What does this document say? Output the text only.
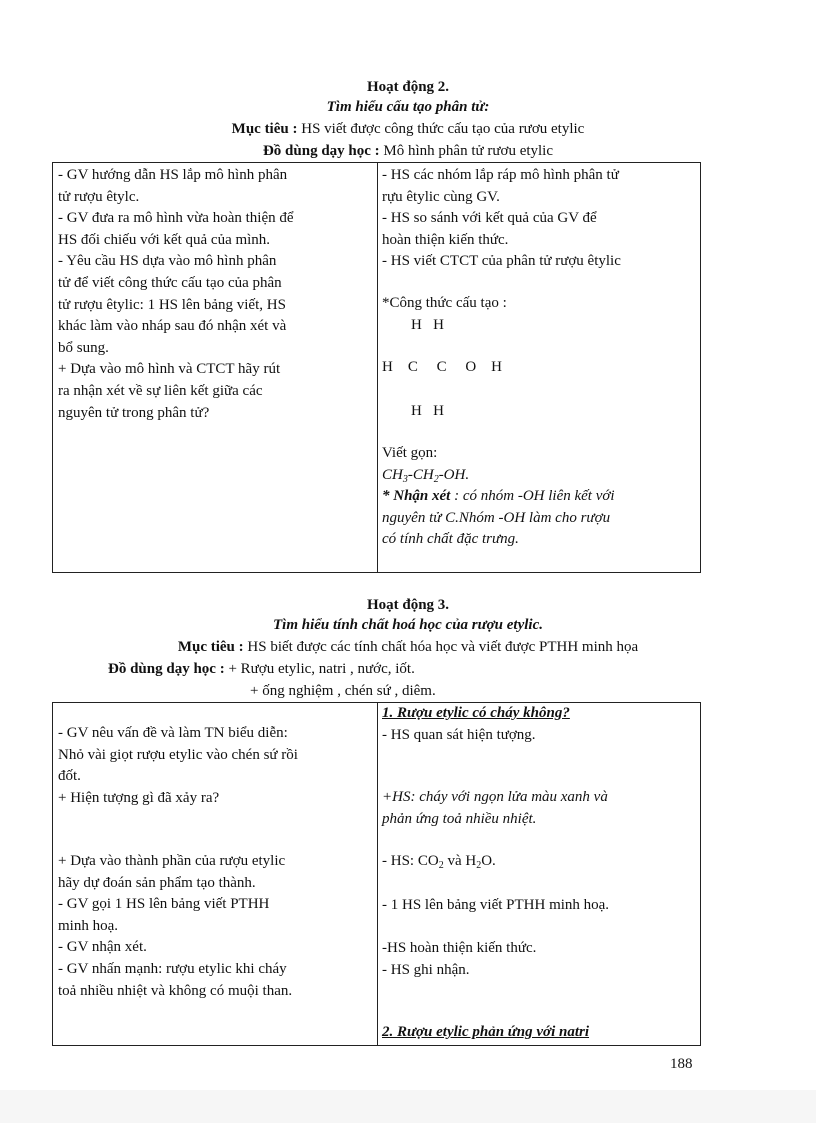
Hoạt động 2.
Tìm hiểu cấu tạo phân tử:
Mục tiêu : HS viết được công thức cấu tạo của rươu etylic
Đồ dùng dạy học : Mô hình phân tử rươu etylic
- GV hướng dẫn HS lắp mô hình phân
tử rượu êtylc.
- GV đưa ra mô hình vừa hoàn thiện để
HS đối chiếu với kết quả của mình.
- Yêu cầu HS dựa vào mô hình phân
tử để viết công thức cấu tạo của phân
tử rượu êtylic: 1 HS lên bảng viết, HS
khác làm vào nháp sau đó nhận xét và
bổ sung.
+ Dựa vào mô hình và CTCT hãy rút
ra nhận xét về sự liên kết giữa các
nguyên tử trong phân tử?
- HS các nhóm lắp ráp mô hình phân tử
rựu êtylic cùng GV.
- HS so sánh với kết quả của GV để
hoàn thiện kiến thức.
- HS viết CTCT của phân tử rượu êtylic
*Công thức cấu tạo :
H   H
H    C     C     O    H
H   H
Viết gọn:
$CH_3-CH_2-OH$.
* Nhận xét : có nhóm -OH liên kết với
nguyên tử C.Nhóm -OH làm cho rượu
có tính chất đặc trưng.
Hoạt động 3.
Tìm hiểu tính chất hoá học của rượu etylic.
Mục tiêu : HS biết được các tính chất hóa học và viết được PTHH minh họa
Đồ dùng dạy học : + Rượu etylic, natri , nước, iốt.
+ ống nghiệm , chén sứ , diêm.
- GV nêu vấn đề và làm TN biểu diễn:
Nhỏ vài giọt rượu etylic vào chén sứ rồi
đốt.
+ Hiện tượng gì đã xảy ra?
+ Dựa vào thành phần của rượu etylic
hãy dự đoán sản phẩm tạo thành.
- GV gọi 1 HS lên bảng viết PTHH
minh hoạ.
- GV nhận xét.
- GV nhấn mạnh: rượu etylic khi cháy
toả nhiều nhiệt và không có muội than.
1. Rượu etylic có cháy không?
- HS quan sát hiện tượng.
+HS: cháy với ngọn lửa màu xanh và
phản ứng toả nhiều nhiệt.
- HS: $CO_2$ và $H_2O$.
- 1 HS lên bảng viết PTHH minh hoạ.
-HS hoàn thiện kiến thức.
- HS ghi nhận.
2. Rượu etylic phản ứng với natri
188
